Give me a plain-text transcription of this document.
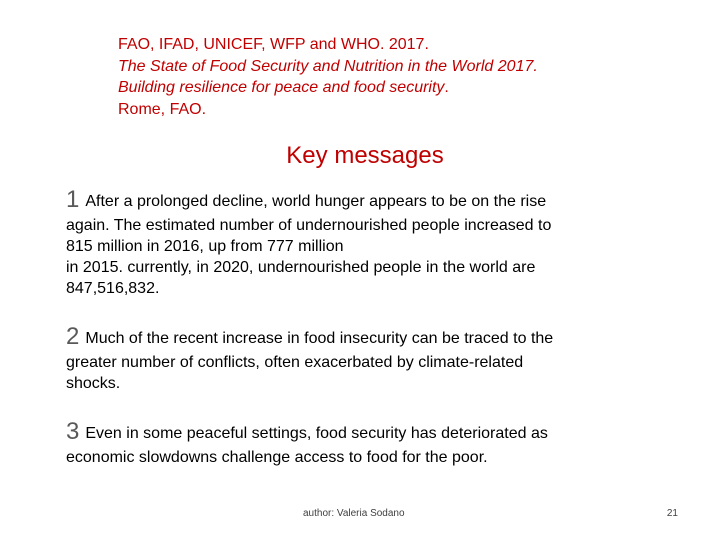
FAO, IFAD, UNICEF, WFP and WHO. 2017.
The State of Food Security and Nutrition in the World 2017.
Building resilience for peace and food security.
Rome, FAO.
Key messages
1 After a prolonged decline, world hunger appears to be on the rise
again. The estimated number of undernourished people increased to
815 million in 2016, up from 777 million
in 2015. currently, in 2020, undernourished people in the world are
847,516,832.
2 Much of the recent increase in food insecurity can be traced to the
greater number of conflicts, often exacerbated by climate-related
shocks.
3 Even in some peaceful settings, food security has deteriorated as
economic slowdowns challenge access to food for the poor.
author: Valeria Sodano	21
